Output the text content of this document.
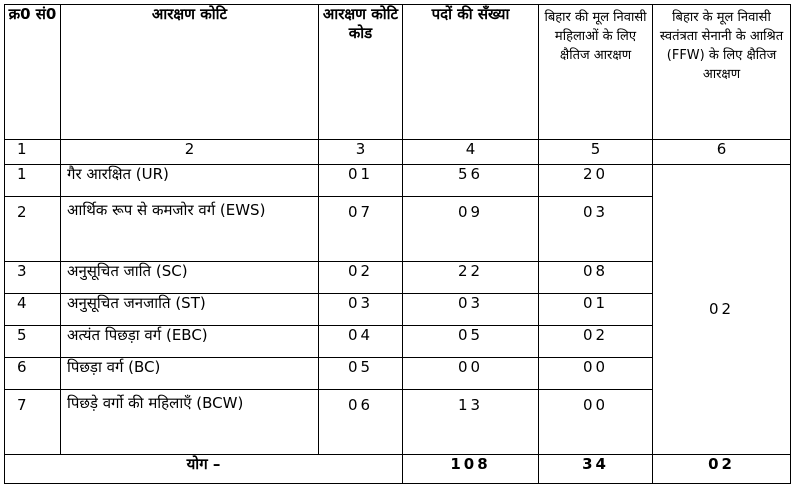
क्र0 सं0	आरक्षण कोटि	आरक्षण कोटि कोड	पदों की सँख्या	बिहार की मूल निवासी महिलाओं के लिए क्षैतिज आरक्षण	बिहार के मूल निवासी स्वतंत्रता सेनानी के आश्रित (FFW) के लिए क्षैतिज आरक्षण
1	2	3	4	5	6
1	गैर आरक्षित (UR)	01	56	20	02
2	आर्थिक रूप से कमजोर वर्ग (EWS)	07	09	03	
3	अनुसूचित जाति (SC)	02	22	08	
4	अनुसूचित जनजाति (ST)	03	03	01	
5	अत्यंत पिछड़ा वर्ग (EBC)	04	05	02	
6	पिछड़ा वर्ग (BC)	05	00	00	
7	पिछड़े वर्गो की महिलाएँ (BCW)	06	13	00	
योग –			108	34	02
